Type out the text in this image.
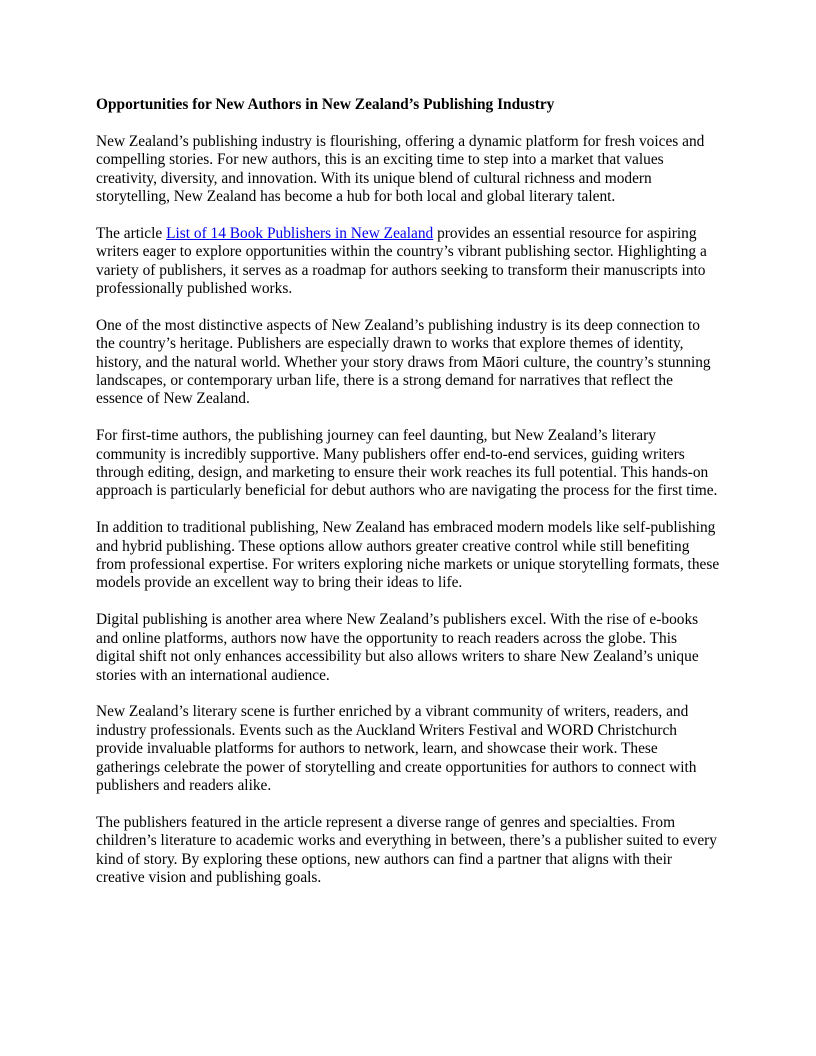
Opportunities for New Authors in New Zealand’s Publishing Industry

New Zealand’s publishing industry is flourishing, offering a dynamic platform for fresh voices and compelling stories. For new authors, this is an exciting time to step into a market that values creativity, diversity, and innovation. With its unique blend of cultural richness and modern storytelling, New Zealand has become a hub for both local and global literary talent.

The article List of 14 Book Publishers in New Zealand provides an essential resource for aspiring writers eager to explore opportunities within the country’s vibrant publishing sector. Highlighting a variety of publishers, it serves as a roadmap for authors seeking to transform their manuscripts into professionally published works.

One of the most distinctive aspects of New Zealand’s publishing industry is its deep connection to the country’s heritage. Publishers are especially drawn to works that explore themes of identity, history, and the natural world. Whether your story draws from Māori culture, the country’s stunning landscapes, or contemporary urban life, there is a strong demand for narratives that reflect the essence of New Zealand.

For first-time authors, the publishing journey can feel daunting, but New Zealand’s literary community is incredibly supportive. Many publishers offer end-to-end services, guiding writers through editing, design, and marketing to ensure their work reaches its full potential. This hands-on approach is particularly beneficial for debut authors who are navigating the process for the first time.

In addition to traditional publishing, New Zealand has embraced modern models like self-publishing and hybrid publishing. These options allow authors greater creative control while still benefiting from professional expertise. For writers exploring niche markets or unique storytelling formats, these models provide an excellent way to bring their ideas to life.

Digital publishing is another area where New Zealand’s publishers excel. With the rise of e-books and online platforms, authors now have the opportunity to reach readers across the globe. This digital shift not only enhances accessibility but also allows writers to share New Zealand’s unique stories with an international audience.

New Zealand’s literary scene is further enriched by a vibrant community of writers, readers, and industry professionals. Events such as the Auckland Writers Festival and WORD Christchurch provide invaluable platforms for authors to network, learn, and showcase their work. These gatherings celebrate the power of storytelling and create opportunities for authors to connect with publishers and readers alike.

The publishers featured in the article represent a diverse range of genres and specialties. From children’s literature to academic works and everything in between, there’s a publisher suited to every kind of story. By exploring these options, new authors can find a partner that aligns with their creative vision and publishing goals.
